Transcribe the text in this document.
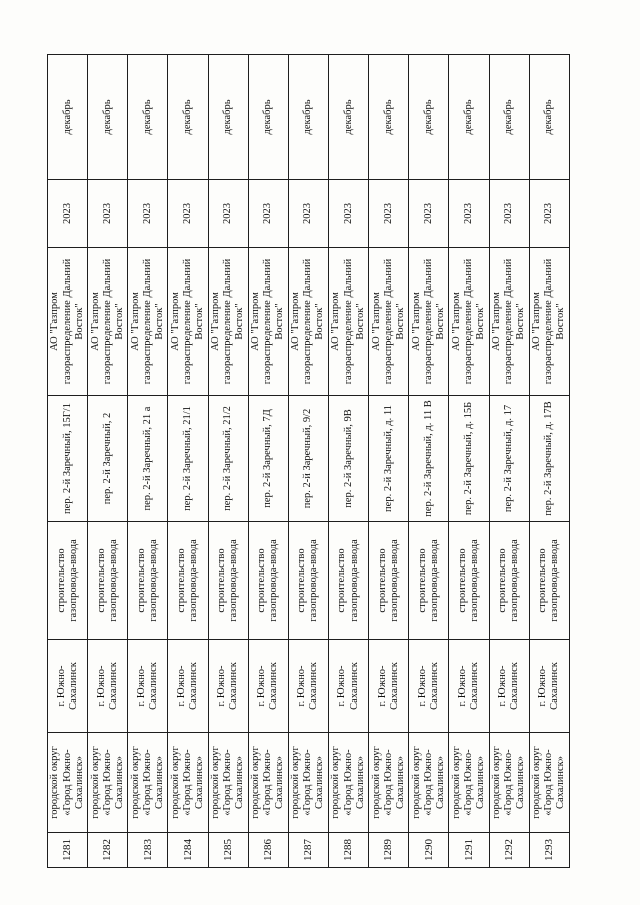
1281	городской округ «Город Южно-Сахалинск»	г. Южно-Сахалинск	строительство газопровода-ввода	пер. 2-й Заречный, 15Г/1	АО "Газпром газораспределение Дальний Восток"	2023	декабрь
1282	городской округ «Город Южно-Сахалинск»	г. Южно-Сахалинск	строительство газопровода-ввода	пер. 2-й Заречный, 2	АО "Газпром газораспределение Дальний Восток"	2023	декабрь
1283	городской округ «Город Южно-Сахалинск»	г. Южно-Сахалинск	строительство газопровода-ввода	пер. 2-й Заречный, 21 а	АО "Газпром газораспределение Дальний Восток"	2023	декабрь
1284	городской округ «Город Южно-Сахалинск»	г. Южно-Сахалинск	строительство газопровода-ввода	пер. 2-й Заречный, 21/1	АО "Газпром газораспределение Дальний Восток"	2023	декабрь
1285	городской округ «Город Южно-Сахалинск»	г. Южно-Сахалинск	строительство газопровода-ввода	пер. 2-й Заречный, 21/2	АО "Газпром газораспределение Дальний Восток"	2023	декабрь
1286	городской округ «Город Южно-Сахалинск»	г. Южно-Сахалинск	строительство газопровода-ввода	пер. 2-й Заречный, 7Д	АО "Газпром газораспределение Дальний Восток"	2023	декабрь
1287	городской округ «Город Южно-Сахалинск»	г. Южно-Сахалинск	строительство газопровода-ввода	пер. 2-й Заречный, 9/2	АО "Газпром газораспределение Дальний Восток"	2023	декабрь
1288	городской округ «Город Южно-Сахалинск»	г. Южно-Сахалинск	строительство газопровода-ввода	пер. 2-й Заречный, 9В	АО "Газпром газораспределение Дальний Восток"	2023	декабрь
1289	городской округ «Город Южно-Сахалинск»	г. Южно-Сахалинск	строительство газопровода-ввода	пер. 2-й Заречный, д. 11	АО "Газпром газораспределение Дальний Восток"	2023	декабрь
1290	городской округ «Город Южно-Сахалинск»	г. Южно-Сахалинск	строительство газопровода-ввода	пер. 2-й Заречный, д. 11 В	АО "Газпром газораспределение Дальний Восток"	2023	декабрь
1291	городской округ «Город Южно-Сахалинск»	г. Южно-Сахалинск	строительство газопровода-ввода	пер. 2-й Заречный, д. 15Б	АО "Газпром газораспределение Дальний Восток"	2023	декабрь
1292	городской округ «Город Южно-Сахалинск»	г. Южно-Сахалинск	строительство газопровода-ввода	пер. 2-й Заречный, д. 17	АО "Газпром газораспределение Дальний Восток"	2023	декабрь
1293	городской округ «Город Южно-Сахалинск»	г. Южно-Сахалинск	строительство газопровода-ввода	пер. 2-й Заречный, д. 17В	АО "Газпром газораспределение Дальний Восток"	2023	декабрь
